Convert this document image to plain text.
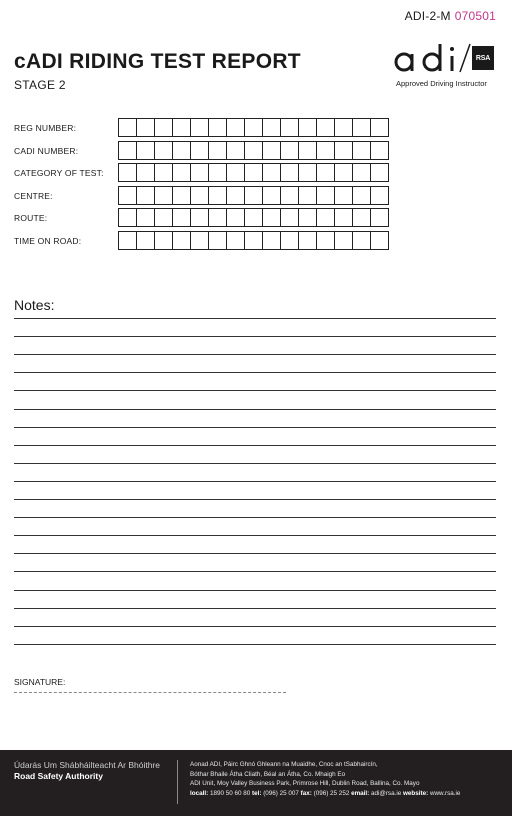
ADI-2-M 070501
cADI RIDING TEST REPORT
STAGE 2
RSA
Approved Driving Instructor
REG NUMBER:
CADI NUMBER:
CATEGORY OF TEST:
CENTRE:
ROUTE:
TIME ON ROAD:
Notes:
SIGNATURE:
Údarás Um Shábháilteacht Ar Bhóithre
Road Safety Authority
Aonad ADI, Páirc Ghnó Ghleann na Muaidhe, Cnoc an tSabhaircín,
Bóthar Bhaile Átha Cliath, Béal an Átha, Co. Mhaigh Eo
ADI Unit, Moy Valley Business Park, Primrose Hill, Dublin Road, Ballina, Co. Mayo
locall: 1890 50 60 80 tel: (096) 25 007 fax: (096) 25 252 email: adi@rsa.ie website: www.rsa.ie
